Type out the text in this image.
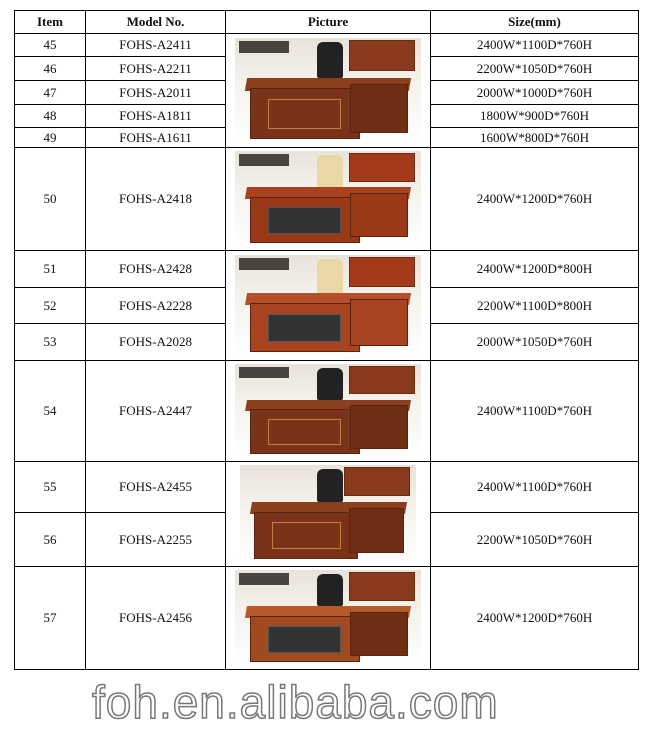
Item	Model No.	Picture	Size(mm)
45	FOHS-A2411		2400W*1100D*760H
46	FOHS-A2211		2200W*1050D*760H
47	FOHS-A2011		2000W*1000D*760H
48	FOHS-A1811		1800W*900D*760H
49	FOHS-A1611		1600W*800D*760H
50	FOHS-A2418		2400W*1200D*760H
51	FOHS-A2428		2400W*1200D*800H
52	FOHS-A2228		2200W*1100D*800H
53	FOHS-A2028		2000W*1050D*760H
54	FOHS-A2447		2400W*1100D*760H
55	FOHS-A2455		2400W*1100D*760H
56	FOHS-A2255		2200W*1050D*760H
57	FOHS-A2456		2400W*1200D*760H
foh.en.alibaba.com
